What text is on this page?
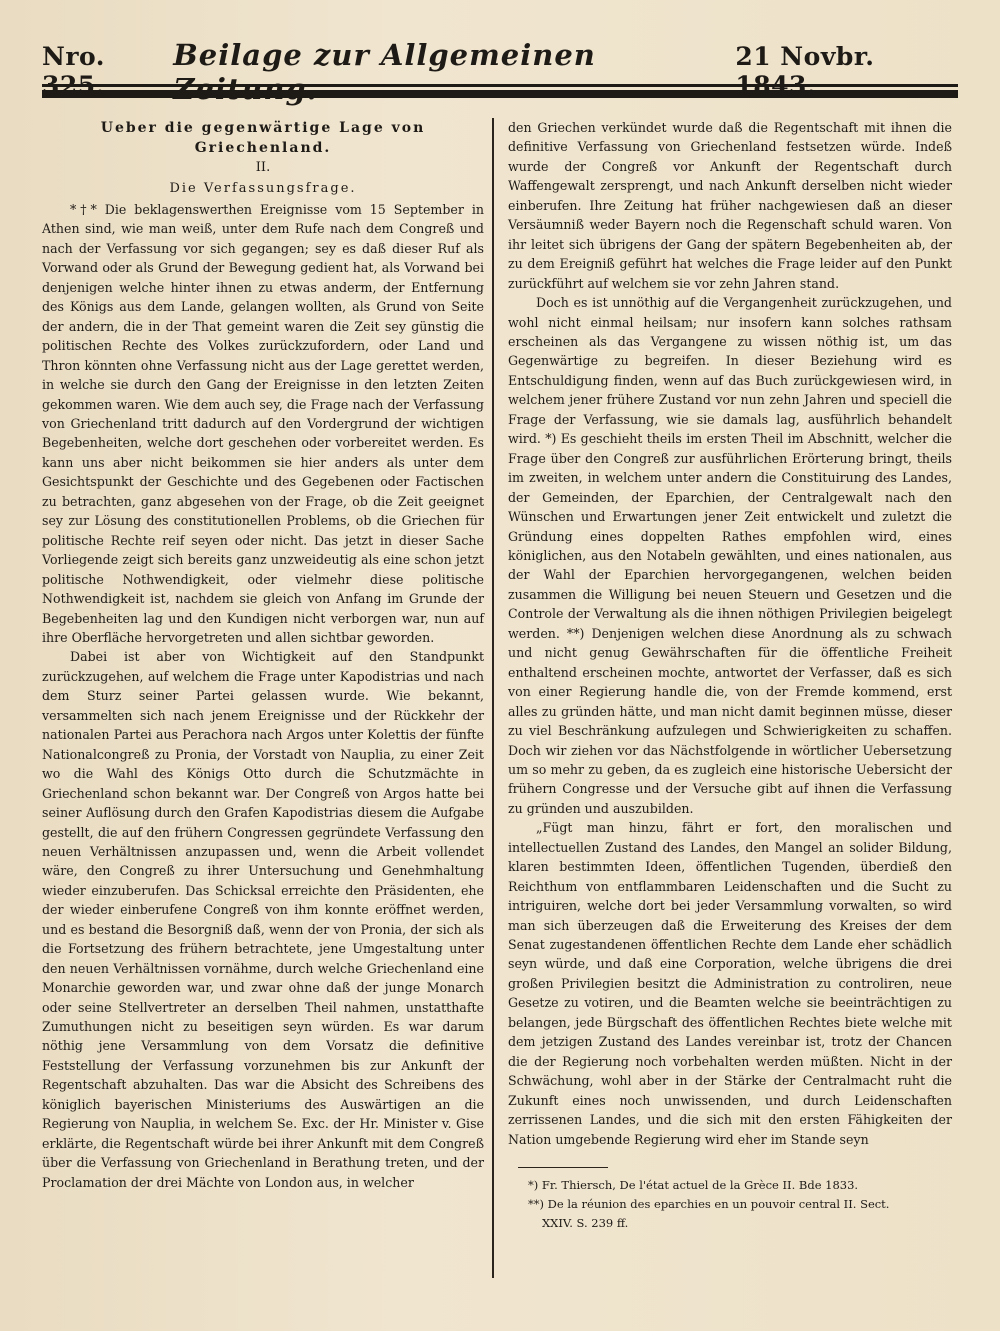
Nro. 325.
Beilage zur Allgemeinen Zeitung.
21 Novbr. 1843.
Ueber die gegenwärtige Lage von Griechenland.
II.
Die Verfassungsfrage.

*†* Die beklagenswerthen Ereignisse vom 15 September in Athen sind, wie man weiß, unter dem Rufe nach dem Congreß und nach der Verfassung vor sich gegangen; sey es daß dieser Ruf als Vorwand oder als Grund der Bewegung gedient hat, als Vorwand bei denjenigen welche hinter ihnen zu etwas anderm, der Entfernung des Königs aus dem Lande, gelangen wollten, als Grund von Seite der andern, die in der That gemeint waren die Zeit sey günstig die politischen Rechte des Volkes zurückzufordern, oder Land und Thron könnten ohne Verfassung nicht aus der Lage gerettet werden, in welche sie durch den Gang der Ereignisse in den letzten Zeiten gekommen waren. Wie dem auch sey, die Frage nach der Verfassung von Griechenland tritt dadurch auf den Vordergrund der wichtigen Begebenheiten, welche dort geschehen oder vorbereitet werden. Es kann uns aber nicht beikommen sie hier anders als unter dem Gesichtspunkt der Geschichte und des Gegebenen oder Factischen zu betrachten, ganz abgesehen von der Frage, ob die Zeit geeignet sey zur Lösung des constitutionellen Problems, ob die Griechen für politische Rechte reif seyen oder nicht. Das jetzt in dieser Sache Vorliegende zeigt sich bereits ganz unzweideutig als eine schon jetzt politische Nothwendigkeit, oder vielmehr diese politische Nothwendigkeit ist, nachdem sie gleich von Anfang im Grunde der Begebenheiten lag und den Kundigen nicht verborgen war, nun auf ihre Oberfläche hervorgetreten und allen sichtbar geworden.

Dabei ist aber von Wichtigkeit auf den Standpunkt zurückzugehen, auf welchem die Frage unter Kapodistrias und nach dem Sturz seiner Partei gelassen wurde. Wie bekannt, versammelten sich nach jenem Ereignisse und der Rückkehr der nationalen Partei aus Perachora nach Argos unter Kolettis der fünfte Nationalcongreß zu Pronia, der Vorstadt von Nauplia, zu einer Zeit wo die Wahl des Königs Otto durch die Schutzmächte in Griechenland schon bekannt war. Der Congreß von Argos hatte bei seiner Auflösung durch den Grafen Kapodistrias diesem die Aufgabe gestellt, die auf den frühern Congressen gegründete Verfassung den neuen Verhältnissen anzupassen und, wenn die Arbeit vollendet wäre, den Congreß zu ihrer Untersuchung und Genehmhaltung wieder einzuberufen. Das Schicksal erreichte den Präsidenten, ehe der wieder einberufene Congreß von ihm konnte eröffnet werden, und es bestand die Besorgniß daß, wenn der von Pronia, der sich als die Fortsetzung des frühern betrachtete, jene Umgestaltung unter den neuen Verhältnissen vornähme, durch welche Griechenland eine Monarchie geworden war, und zwar ohne daß der junge Monarch oder seine Stellvertreter an derselben Theil nahmen, unstatthafte Zumuthungen nicht zu beseitigen seyn würden. Es war darum nöthig jene Versammlung von dem Vorsatz die definitive Feststellung der Verfassung vorzunehmen bis zur Ankunft der Regentschaft abzuhalten. Das war die Absicht des Schreibens des königlich bayerischen Ministeriums des Auswärtigen an die Regierung von Nauplia, in welchem Se. Exc. der Hr. Minister v. Gise erklärte, die Regentschaft würde bei ihrer Ankunft mit dem Congreß über die Verfassung von Griechenland in Berathung treten, und der Proclamation der drei Mächte von London aus, in welcher

den Griechen verkündet wurde daß die Regentschaft mit ihnen die definitive Verfassung von Griechenland festsetzen würde. Indeß wurde der Congreß vor Ankunft der Regentschaft durch Waffengewalt zersprengt, und nach Ankunft derselben nicht wieder einberufen. Ihre Zeitung hat früher nachgewiesen daß an dieser Versäumniß weder Bayern noch die Regenschaft schuld waren. Von ihr leitet sich übrigens der Gang der spätern Begebenheiten ab, der zu dem Ereigniß geführt hat welches die Frage leider auf den Punkt zurückführt auf welchem sie vor zehn Jahren stand.

Doch es ist unnöthig auf die Vergangenheit zurückzugehen, und wohl nicht einmal heilsam; nur insofern kann solches rathsam erscheinen als das Vergangene zu wissen nöthig ist, um das Gegenwärtige zu begreifen. In dieser Beziehung wird es Entschuldigung finden, wenn auf das Buch zurückgewiesen wird, in welchem jener frühere Zustand vor nun zehn Jahren und speciell die Frage der Verfassung, wie sie damals lag, ausführlich behandelt wird. *) Es geschieht theils im ersten Theil im Abschnitt, welcher die Frage über den Congreß zur ausführlichen Erörterung bringt, theils im zweiten, in welchem unter andern die Constituirung des Landes, der Gemeinden, der Eparchien, der Centralgewalt nach den Wünschen und Erwartungen jener Zeit entwickelt und zuletzt die Gründung eines doppelten Rathes empfohlen wird, eines königlichen, aus den Notabeln gewählten, und eines nationalen, aus der Wahl der Eparchien hervorgegangenen, welchen beiden zusammen die Willigung bei neuen Steuern und Gesetzen und die Controle der Verwaltung als die ihnen nöthigen Privilegien beigelegt werden. **) Denjenigen welchen diese Anordnung als zu schwach und nicht genug Gewährschaften für die öffentliche Freiheit enthaltend erscheinen mochte, antwortet der Verfasser, daß es sich von einer Regierung handle die, von der Fremde kommend, erst alles zu gründen hätte, und man nicht damit beginnen müsse, dieser zu viel Beschränkung aufzulegen und Schwierigkeiten zu schaffen. Doch wir ziehen vor das Nächstfolgende in wörtlicher Uebersetzung um so mehr zu geben, da es zugleich eine historische Uebersicht der frühern Congresse und der Versuche gibt auf ihnen die Verfassung zu gründen und auszubilden.

„Fügt man hinzu, fährt er fort, den moralischen und intellectuellen Zustand des Landes, den Mangel an solider Bildung, klaren bestimmten Ideen, öffentlichen Tugenden, überdieß den Reichthum von entflammbaren Leidenschaften und die Sucht zu intriguiren, welche dort bei jeder Versammlung vorwalten, so wird man sich überzeugen daß die Erweiterung des Kreises der dem Senat zugestandenen öffentlichen Rechte dem Lande eher schädlich seyn würde, und daß eine Corporation, welche übrigens die drei großen Privilegien besitzt die Administration zu controliren, neue Gesetze zu votiren, und die Beamten welche sie beeinträchtigen zu belangen, jede Bürgschaft des öffentlichen Rechtes biete welche mit dem jetzigen Zustand des Landes vereinbar ist, trotz der Chancen die der Regierung noch vorbehalten werden müßten. Nicht in der Schwächung, wohl aber in der Stärke der Centralmacht ruht die Zukunft eines noch unwissenden, und durch Leidenschaften zerrissenen Landes, und die sich mit den ersten Fähigkeiten der Nation umgebende Regierung wird eher im Stande seyn

*) Fr. Thiersch, De l'état actuel de la Grèce II. Bde 1833.
**) De la réunion des eparchies en un pouvoir central II. Sect.
XXIV. S. 239 ff.
